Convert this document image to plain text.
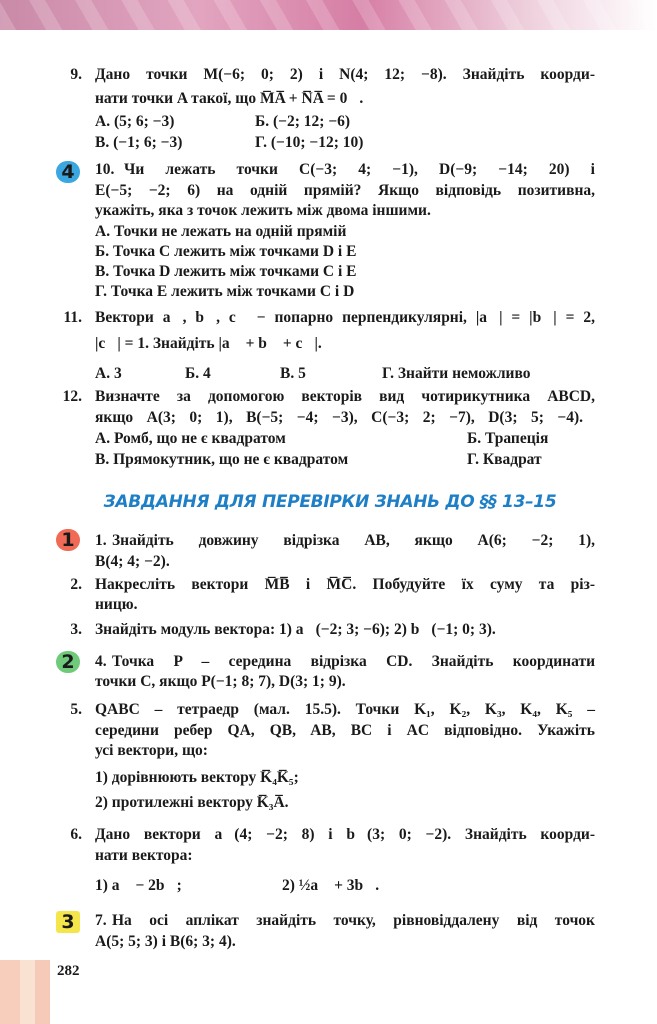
9. Дано точки M(−6; 0; 2) і N(4; 12; −8). Знайдіть коорди-
нати точки A такої, що M̅A̅ + N̅A̅ = 0⃗.
А. (5; 6; −3)	Б. (−2; 12; −6)
В. (−1; 6; −3)	Г. (−10; −12; 10)
4	10. Чи лежать точки C(−3; 4; −1), D(−9; −14; 20) і
E(−5; −2; 6) на одній прямій? Якщо відповідь позитивна,
укажіть, яка з точок лежить між двома іншими.
А. Точки не лежать на одній прямій
Б. Точка C лежить між точками D і E
В. Точка D лежить між точками C і E
Г. Точка E лежить між точками C і D
11. Вектори a⃗, b⃗, c⃗ − попарно перпендикулярні, |a⃗| = |b⃗| = 2,
|c⃗| = 1. Знайдіть |a⃗ + b⃗ + c⃗|.
А. 3	Б. 4	В. 5	Г. Знайти неможливо
12. Визначте за допомогою векторів вид чотирикутника ABCD,
якщо A(3; 0; 1), B(−5; −4; −3), C(−3; 2; −7), D(3; 5; −4).
А. Ромб, що не є квадратом	Б. Трапеція
В. Прямокутник, що не є квадратом	Г. Квадрат
ЗАВДАННЯ ДЛЯ ПЕРЕВІРКИ ЗНАНЬ ДО §§ 13–15
1	1. Знайдіть довжину відрізка AB, якщо A(6; −2; 1),
B(4; 4; −2).
2. Накресліть вектори M̅B̅ і M̅C̅. Побудуйте їх суму та різ-
ницю.
3. Знайдіть модуль вектора: 1) a⃗(−2; 3; −6); 2) b⃗(−1; 0; 3).
2	4. Точка P – середина відрізка CD. Знайдіть координати
точки C, якщо P(−1; 8; 7), D(3; 1; 9).
5. QABC – тетраедр (мал. 15.5). Точки K₁, K₂, K₃, K₄, K₅ –
середини ребер QA, QB, AB, BC і AC відповідно. Укажіть
усі вектори, що:
1) дорівнюють вектору K̅₄K̅₅;
2) протилежні вектору K̅₃A̅.
6. Дано вектори a⃗(4; −2; 8) і b⃗(3; 0; −2). Знайдіть коорди-
нати вектора:
1) a⃗ − 2b⃗;	2) ½a⃗ + 3b⃗.
3	7. На осі аплікат знайдіть точку, рівновіддалену від точок
A(5; 5; 3) і B(6; 3; 4).
282
